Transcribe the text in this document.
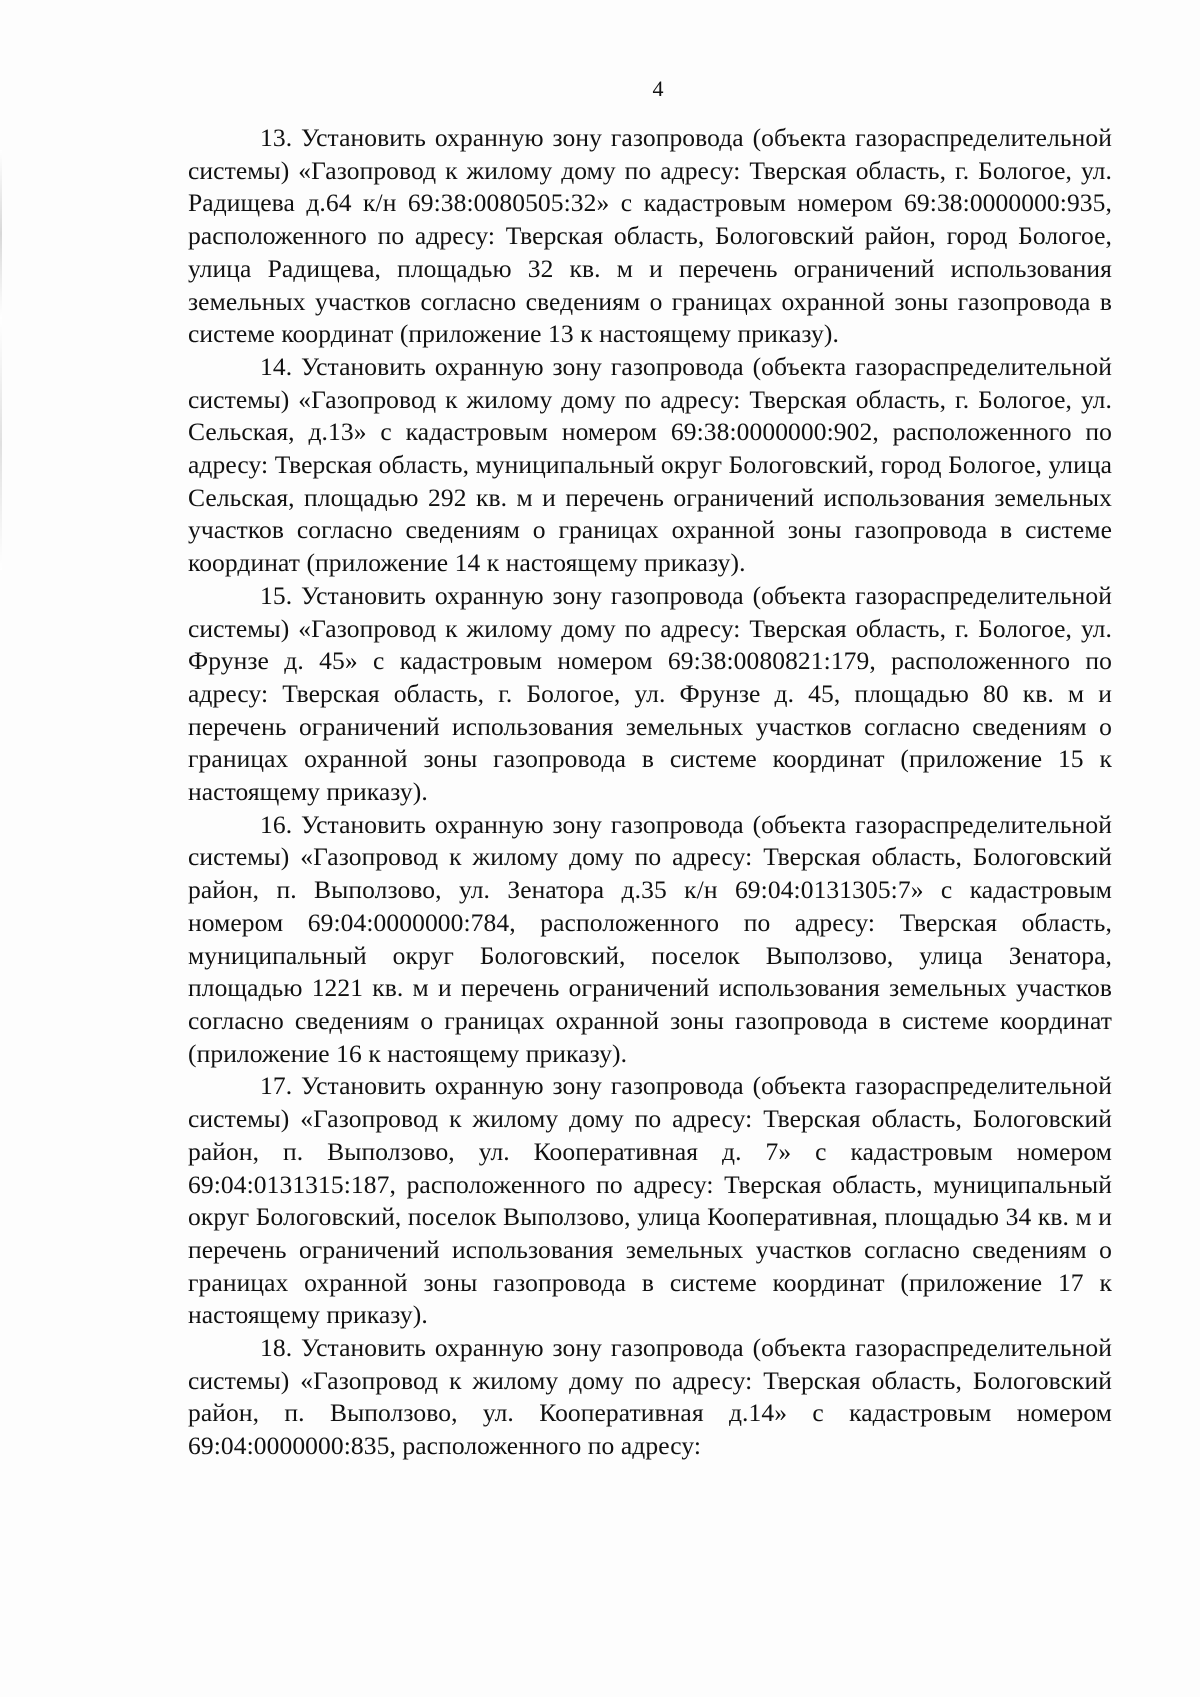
4

13. Установить охранную зону газопровода (объекта газораспределительной системы) «Газопровод к жилому дому по адресу: Тверская область, г. Бологое, ул. Радищева д.64 к/н 69:38:0080505:32» с кадастровым номером 69:38:0000000:935, расположенного по адресу: Тверская область, Бологовский район, город Бологое, улица Радищева, площадью 32 кв. м и перечень ограничений использования земельных участков согласно сведениям о границах охранной зоны газопровода в системе координат (приложение 13 к настоящему приказу).

14. Установить охранную зону газопровода (объекта газораспределительной системы) «Газопровод к жилому дому по адресу: Тверская область, г. Бологое, ул. Сельская, д.13» с кадастровым номером 69:38:0000000:902, расположенного по адресу: Тверская область, муниципальный округ Бологовский, город Бологое, улица Сельская, площадью 292 кв. м и перечень ограничений использования земельных участков согласно сведениям о границах охранной зоны газопровода в системе координат (приложение 14 к настоящему приказу).

15. Установить охранную зону газопровода (объекта газораспределительной системы) «Газопровод к жилому дому по адресу: Тверская область, г. Бологое, ул. Фрунзе д. 45» с кадастровым номером 69:38:0080821:179, расположенного по адресу: Тверская область, г. Бологое, ул. Фрунзе д. 45, площадью 80 кв. м и перечень ограничений использования земельных участков согласно сведениям о границах охранной зоны газопровода в системе координат (приложение 15 к настоящему приказу).

16. Установить охранную зону газопровода (объекта газораспределительной системы) «Газопровод к жилому дому по адресу: Тверская область, Бологовский район, п. Выползово, ул. Зенатора д.35 к/н 69:04:0131305:7» с кадастровым номером 69:04:0000000:784, расположенного по адресу: Тверская область, муниципальный округ Бологовский, поселок Выползово, улица Зенатора, площадью 1221 кв. м и перечень ограничений использования земельных участков согласно сведениям о границах охранной зоны газопровода в системе координат (приложение 16 к настоящему приказу).

17. Установить охранную зону газопровода (объекта газораспределительной системы) «Газопровод к жилому дому по адресу: Тверская область, Бологовский район, п. Выползово, ул. Кооперативная д. 7» с кадастровым номером 69:04:0131315:187, расположенного по адресу: Тверская область, муниципальный округ Бологовский, поселок Выползово, улица Кооперативная, площадью 34 кв. м и перечень ограничений использования земельных участков согласно сведениям о границах охранной зоны газопровода в системе координат (приложение 17 к настоящему приказу).

18. Установить охранную зону газопровода (объекта газораспределительной системы) «Газопровод к жилому дому по адресу: Тверская область, Бологовский район, п. Выползово, ул. Кооперативная д.14» с кадастровым номером 69:04:0000000:835, расположенного по адресу:
